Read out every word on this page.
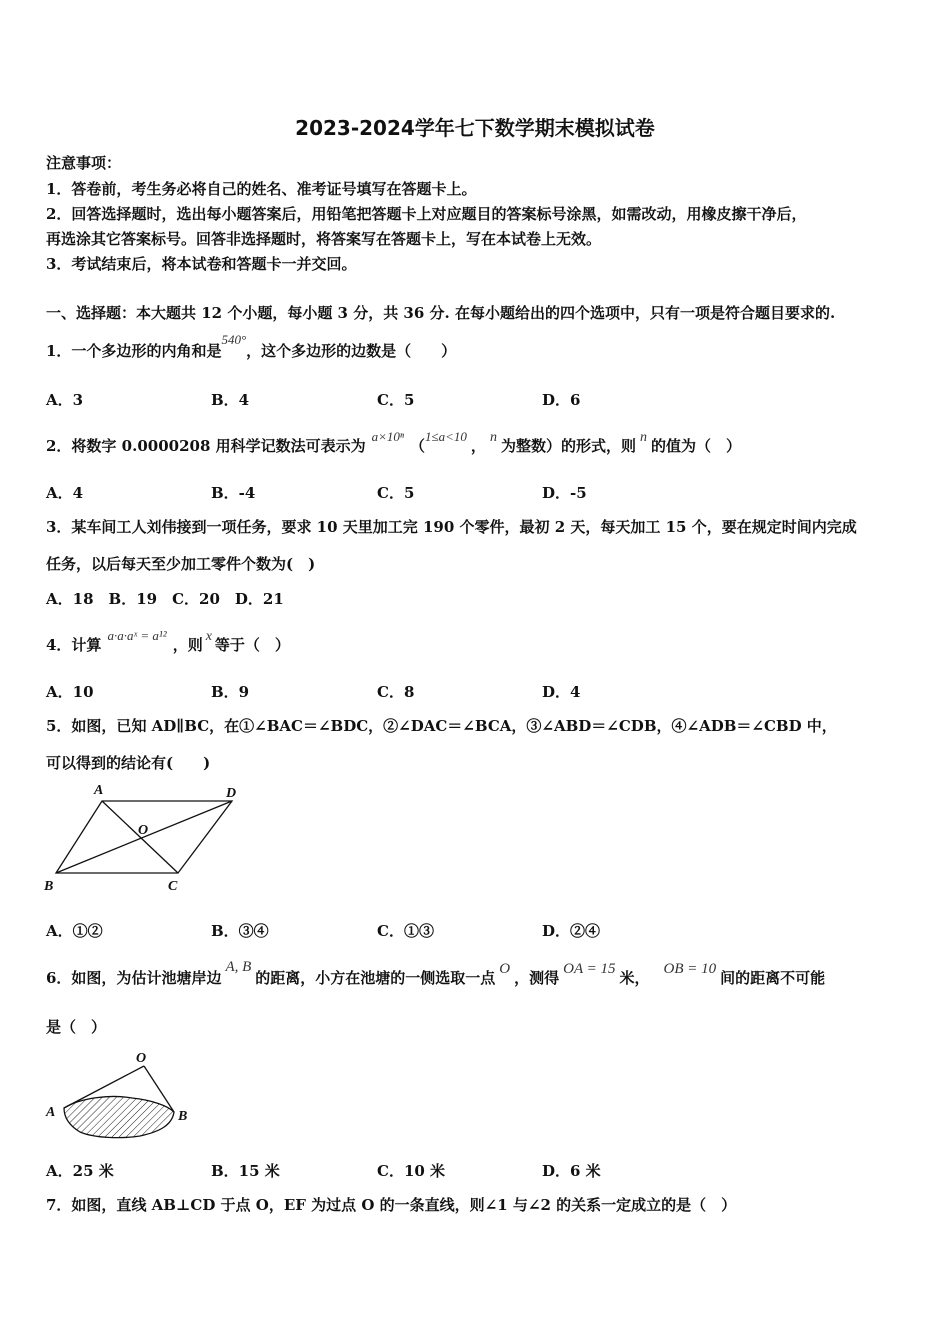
2023-2024学年七下数学期末模拟试卷
注意事项：
1．答卷前，考生务必将自己的姓名、准考证号填写在答题卡上。
2．回答选择题时，选出每小题答案后，用铅笔把答题卡上对应题目的答案标号涂黑，如需改动，用橡皮擦干净后，
再选涂其它答案标号。回答非选择题时，将答案写在答题卡上，写在本试卷上无效。
3．考试结束后，将本试卷和答题卡一并交回。
一、选择题：本大题共 12 个小题，每小题 3 分，共 36 分. 在每小题给出的四个选项中，只有一项是符合题目要求的.
1．一个多边形的内角和是540°，这个多边形的边数是（　　）
A．3	B．4	C．5	D．6
2．将数字 0.0000208 用科学记数法可表示为a×10ⁿ（1≤a<10， n 为整数）的形式，则 n 的值为（　）
A．4	B．-4	C．5	D．-5
3．某车间工人刘伟接到一项任务，要求 10 天里加工完 190 个零件，最初 2 天，每天加工 15 个，要在规定时间内完成
任务，以后每天至少加工零件个数为(　)
A．18　B．19　C．20　D．21
4．计算a·a·aˣ = a¹²，则 x 等于（　）
A．10	B．9	C．8	D．4
5．如图，已知 AD∥BC，在①∠BAC＝∠BDC，②∠DAC＝∠BCA，③∠ABD＝∠CDB，④∠ADB＝∠CBD 中，
可以得到的结论有(　　)
A	D
O
B	C
A．①②	B．③④	C．①③	D．②④
6．如图，为估计池塘岸边A, B的距离，小方在池塘的一侧选取一点 O ，测得 OA = 15 米， OB = 10 间的距离不可能
是（　）
O
A	B
A．25 米	B．15 米	C．10 米	D．6 米
7．如图，直线 AB⊥CD 于点 O，EF 为过点 O 的一条直线，则∠1 与∠2 的关系一定成立的是（　）
